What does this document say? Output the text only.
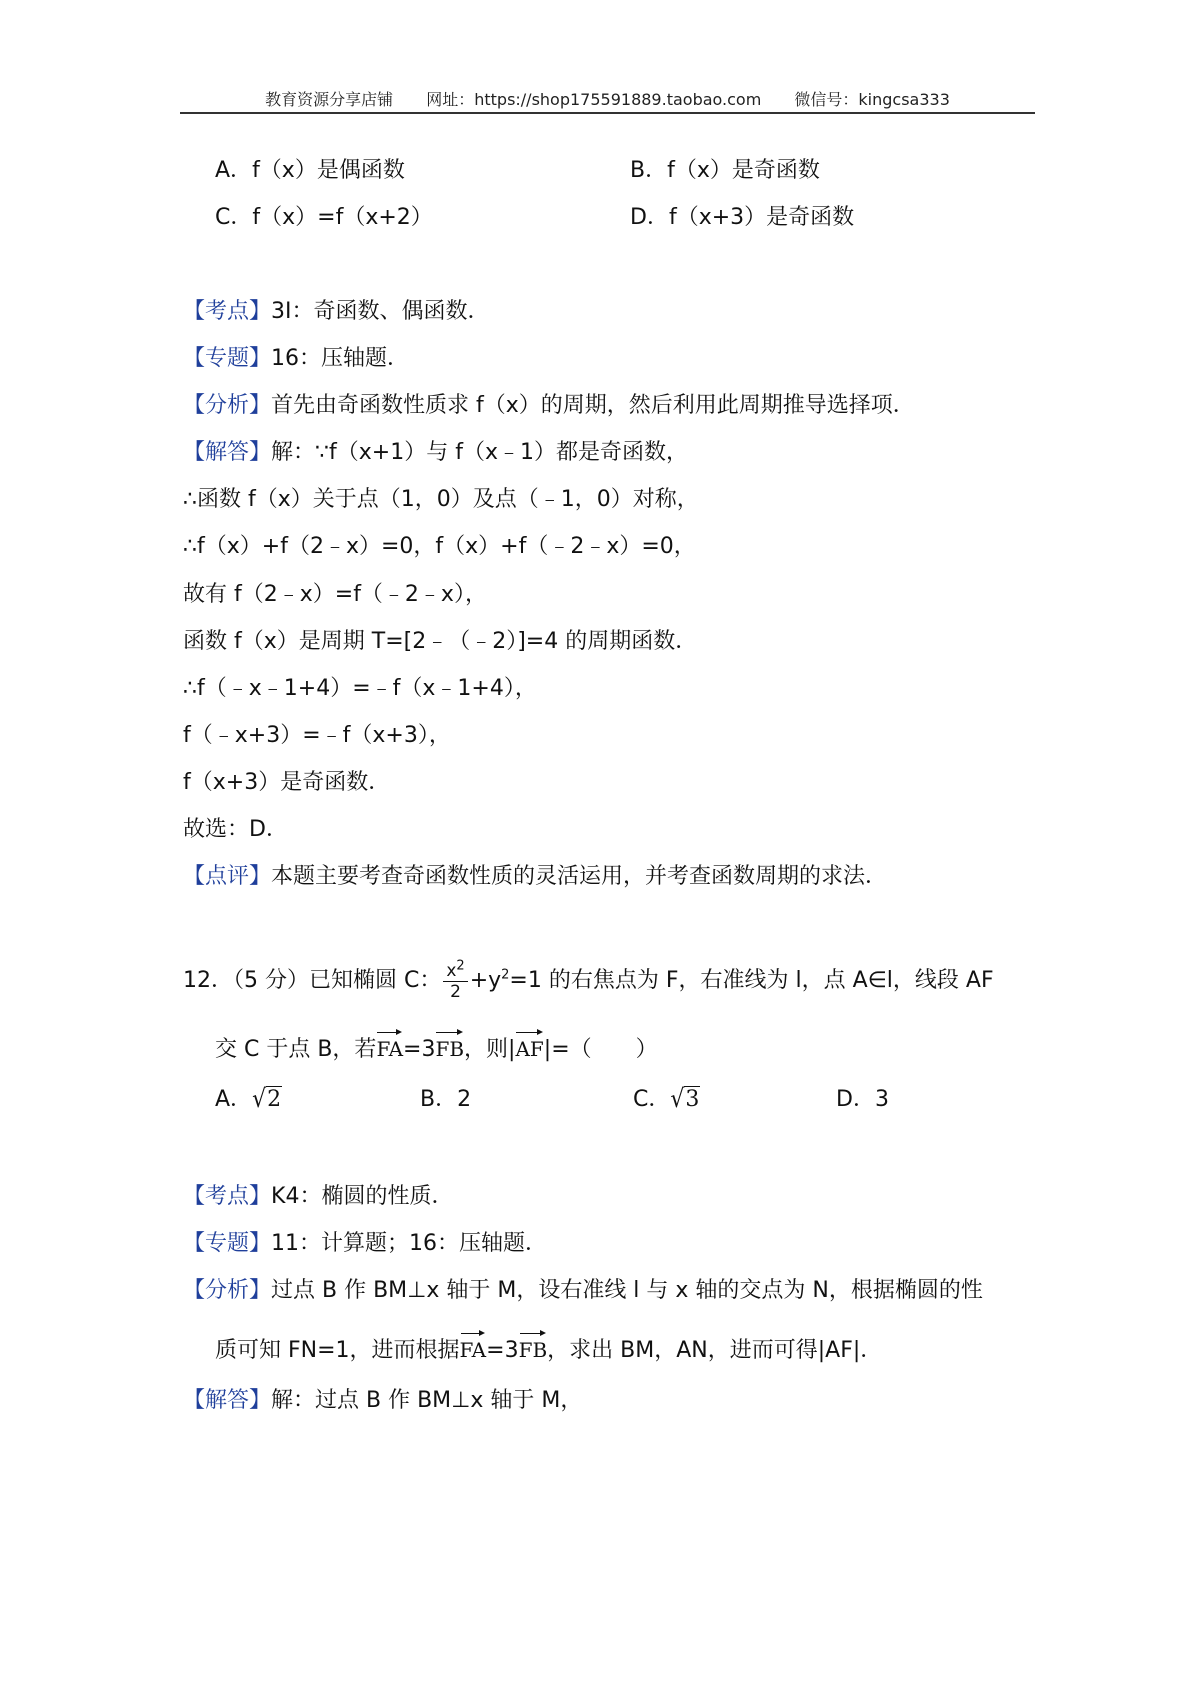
教育资源分享店铺 网址：https://shop175591889.taobao.com 微信号：kingcsa333
A．f（x）是偶函数	B．f（x）是奇函数
C．f（x）=f（x+2）	D．f（x+3）是奇函数
【考点】3I：奇函数、偶函数．
【专题】16：压轴题．
【分析】首先由奇函数性质求 f（x）的周期，然后利用此周期推导选择项．
【解答】解：∵f（x+1）与 f（x﹣1）都是奇函数，
∴函数 f（x）关于点（1，0）及点（﹣1，0）对称，
∴f（x）+f（2﹣x）=0，f（x）+f（﹣2﹣x）=0，
故有 f（2﹣x）=f（﹣2﹣x），
函数 f（x）是周期 T=[2﹣（﹣2）]=4 的周期函数．
∴f（﹣x﹣1+4）=﹣f（x﹣1+4），
f（﹣x+3）=﹣f（x+3），
f（x+3）是奇函数．
故选：D．
【点评】本题主要考查奇函数性质的灵活运用，并考查函数周期的求法．
12．（5 分）已知椭圆 C： $\frac{x^2}{2} +y^2=1$ 的右焦点为 F，右准线为 l，点 A∈l，线段 AF
交 C 于点 B，若FA=3FB，则|AF|=（　　）
A．√2	B．2	C．√3	D．3
【考点】K4：椭圆的性质．
【专题】11：计算题；16：压轴题．
【分析】过点 B 作 BM⊥x 轴于 M，设右准线 l 与 x 轴的交点为 N，根据椭圆的性
质可知 FN=1，进而根据FA=3FB，求出 BM，AN，进而可得|AF|．
【解答】解：过点 B 作 BM⊥x 轴于 M，
